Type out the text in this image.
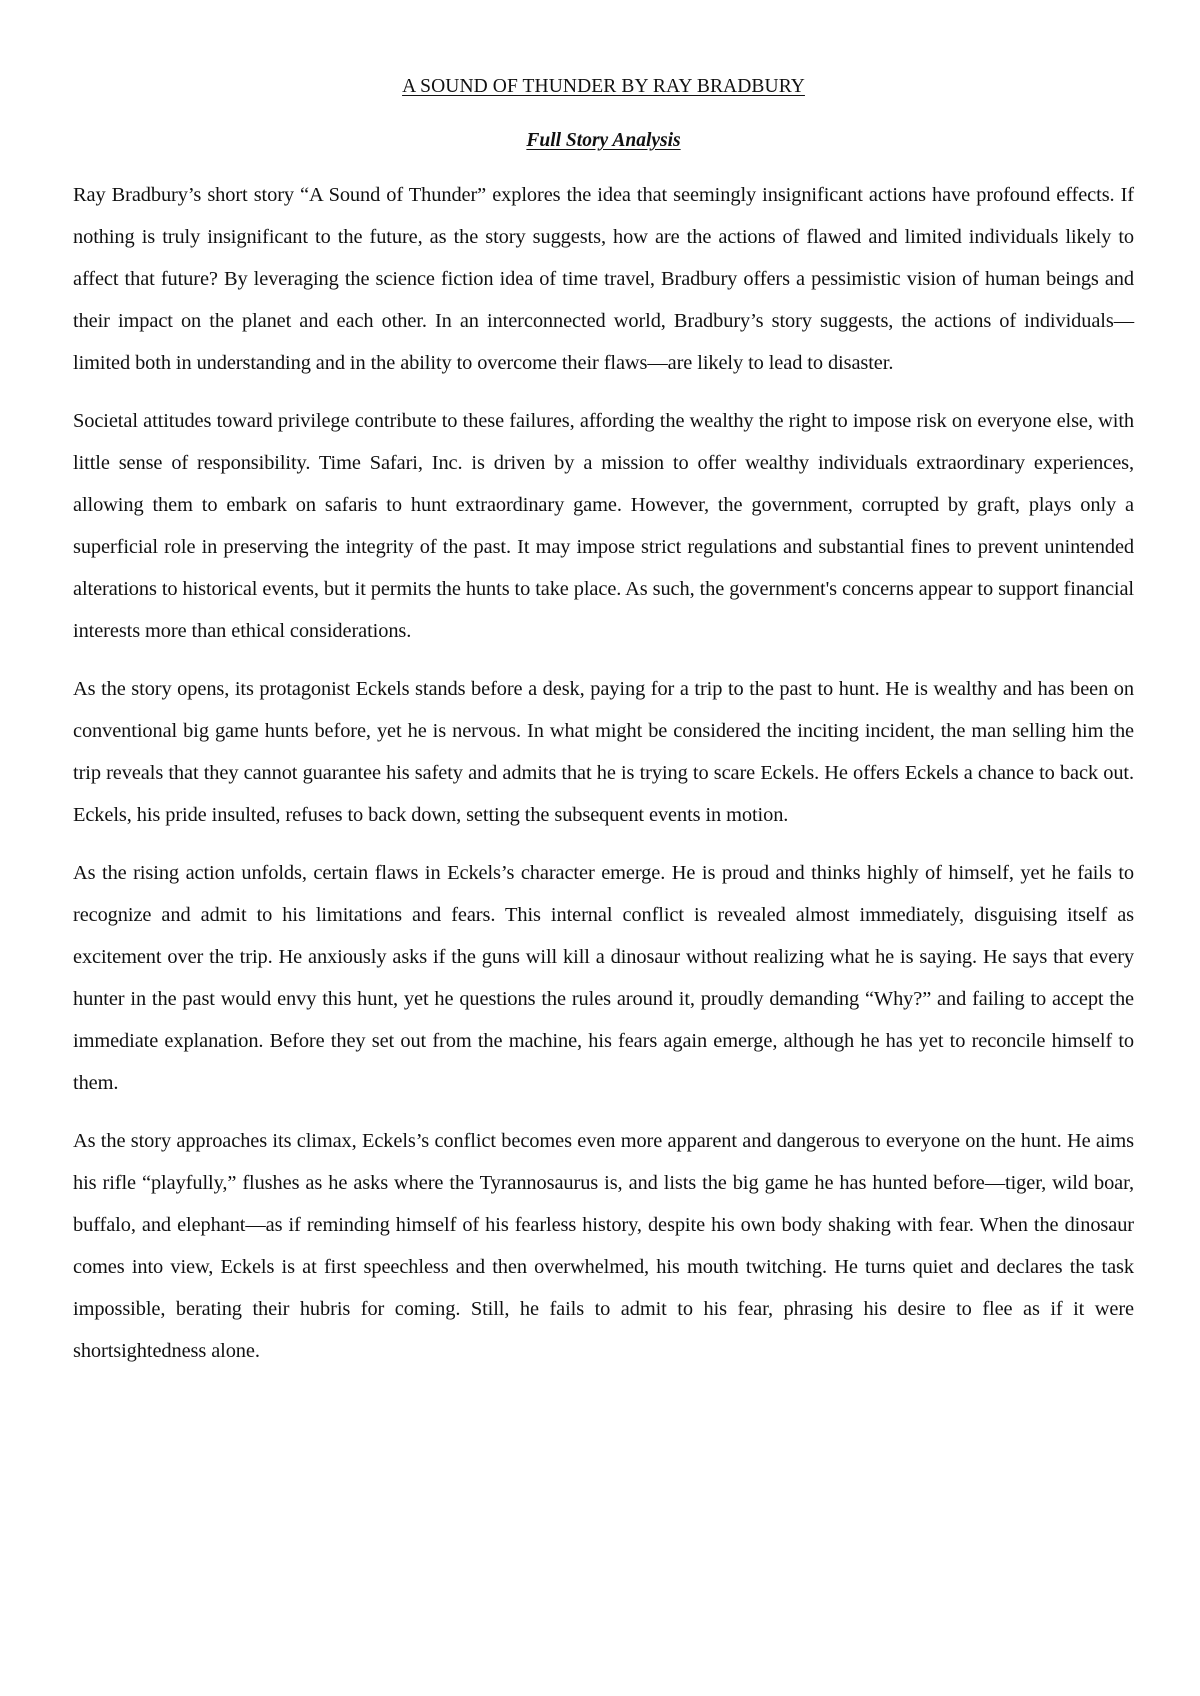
A SOUND OF THUNDER BY RAY BRADBURY
Full Story Analysis

Ray Bradbury’s short story “A Sound of Thunder” explores the idea that seemingly insignificant actions have profound effects. If nothing is truly insignificant to the future, as the story suggests, how are the actions of flawed and limited individuals likely to affect that future? By leveraging the science fiction idea of time travel, Bradbury offers a pessimistic vision of human beings and their impact on the planet and each other. In an interconnected world, Bradbury’s story suggests, the actions of individuals—limited both in understanding and in the ability to overcome their flaws—are likely to lead to disaster.

Societal attitudes toward privilege contribute to these failures, affording the wealthy the right to impose risk on everyone else, with little sense of responsibility. Time Safari, Inc. is driven by a mission to offer wealthy individuals extraordinary experiences, allowing them to embark on safaris to hunt extraordinary game. However, the government, corrupted by graft, plays only a superficial role in preserving the integrity of the past. It may impose strict regulations and substantial fines to prevent unintended alterations to historical events, but it permits the hunts to take place. As such, the government's concerns appear to support financial interests more than ethical considerations.

As the story opens, its protagonist Eckels stands before a desk, paying for a trip to the past to hunt. He is wealthy and has been on conventional big game hunts before, yet he is nervous. In what might be considered the inciting incident, the man selling him the trip reveals that they cannot guarantee his safety and admits that he is trying to scare Eckels. He offers Eckels a chance to back out. Eckels, his pride insulted, refuses to back down, setting the subsequent events in motion.

As the rising action unfolds, certain flaws in Eckels’s character emerge. He is proud and thinks highly of himself, yet he fails to recognize and admit to his limitations and fears. This internal conflict is revealed almost immediately, disguising itself as excitement over the trip. He anxiously asks if the guns will kill a dinosaur without realizing what he is saying. He says that every hunter in the past would envy this hunt, yet he questions the rules around it, proudly demanding “Why?” and failing to accept the immediate explanation. Before they set out from the machine, his fears again emerge, although he has yet to reconcile himself to them.

As the story approaches its climax, Eckels’s conflict becomes even more apparent and dangerous to everyone on the hunt. He aims his rifle “playfully,” flushes as he asks where the Tyrannosaurus is, and lists the big game he has hunted before—tiger, wild boar, buffalo, and elephant—as if reminding himself of his fearless history, despite his own body shaking with fear. When the dinosaur comes into view, Eckels is at first speechless and then overwhelmed, his mouth twitching. He turns quiet and declares the task impossible, berating their hubris for coming. Still, he fails to admit to his fear, phrasing his desire to flee as if it were shortsightedness alone.
